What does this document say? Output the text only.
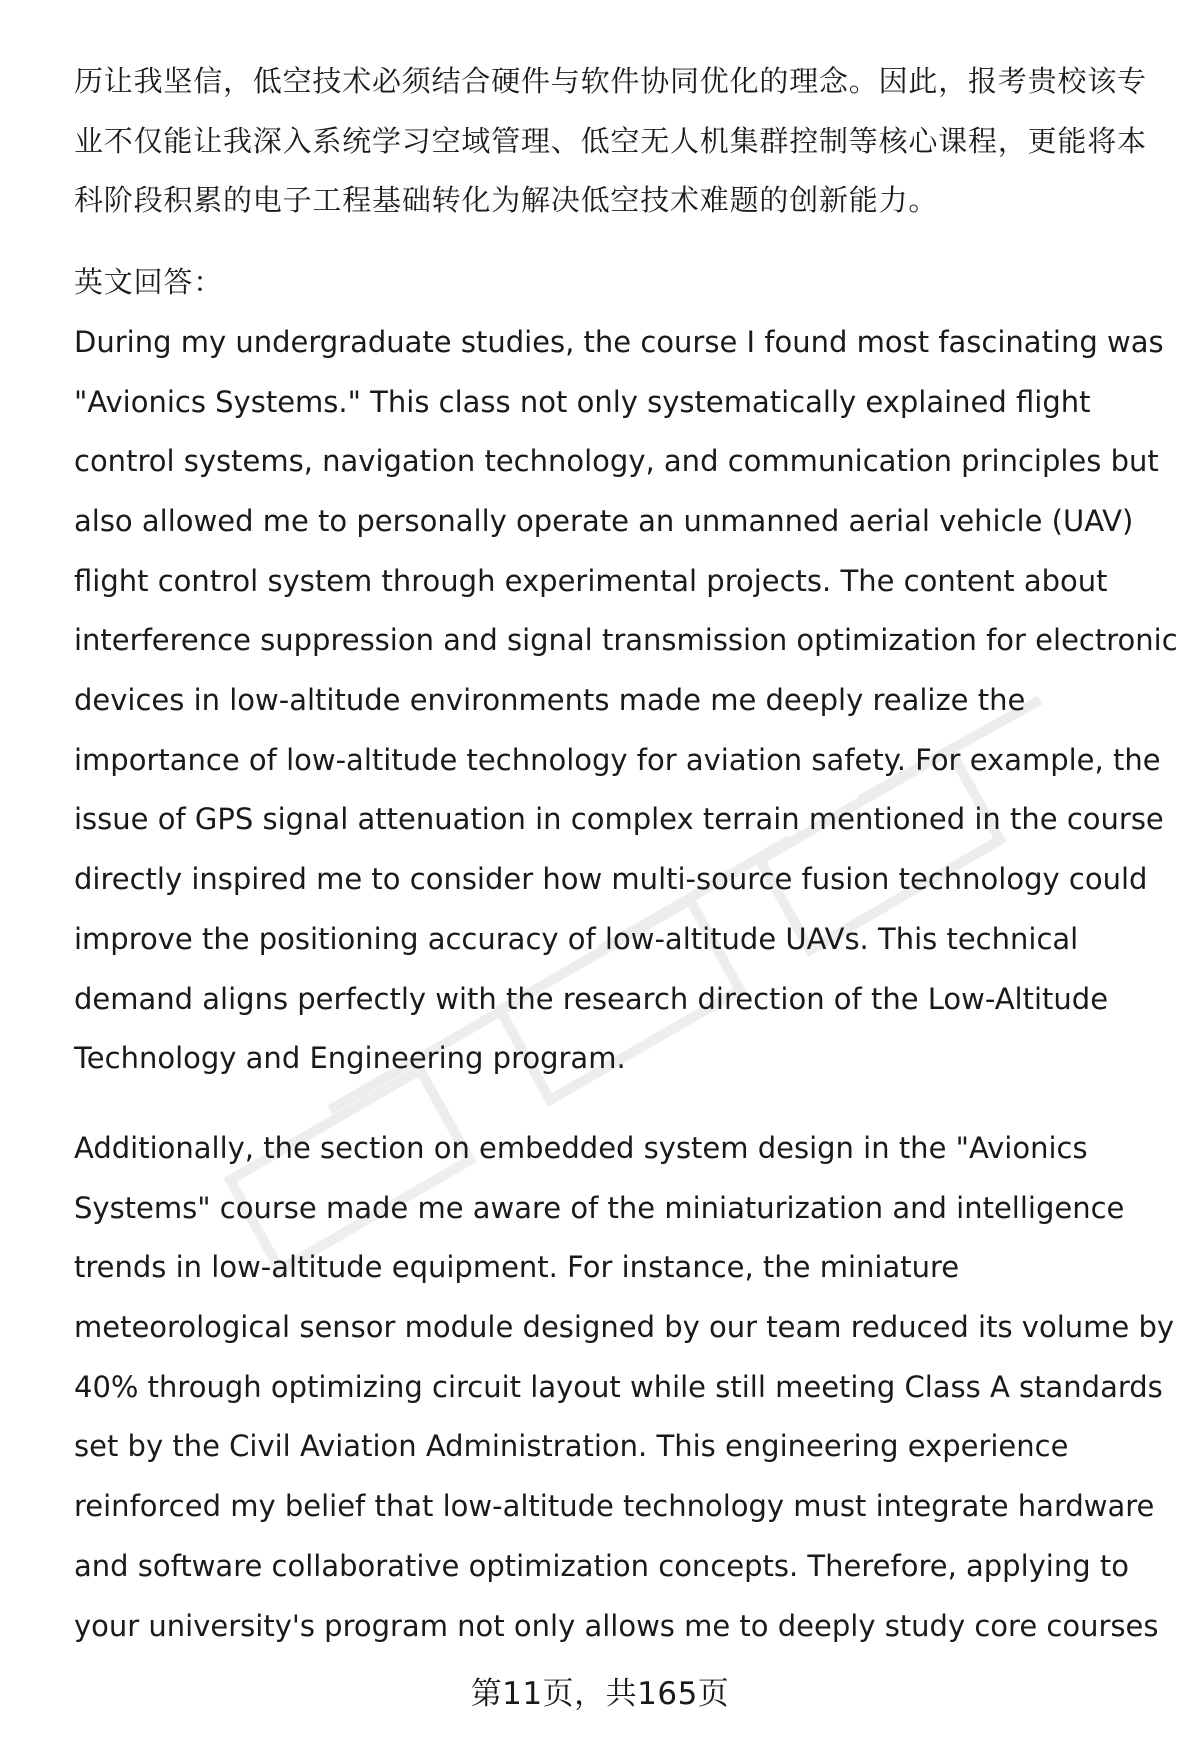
历让我坚信，低空技术必须结合硬件与软件协同优化的理念。因此，报考贵校该专
业不仅能让我深入系统学习空域管理、低空无人机集群控制等核心课程，更能将本
科阶段积累的电子工程基础转化为解决低空技术难题的创新能力。
英文回答：
During my undergraduate studies, the course I found most fascinating was
"Avionics Systems." This class not only systematically explained flight
control systems, navigation technology, and communication principles but
also allowed me to personally operate an unmanned aerial vehicle (UAV)
flight control system through experimental projects. The content about
interference suppression and signal transmission optimization for electronic
devices in low-altitude environments made me deeply realize the
importance of low-altitude technology for aviation safety. For example, the
issue of GPS signal attenuation in complex terrain mentioned in the course
directly inspired me to consider how multi-source fusion technology could
improve the positioning accuracy of low-altitude UAVs. This technical
demand aligns perfectly with the research direction of the Low-Altitude
Technology and Engineering program.
Additionally, the section on embedded system design in the "Avionics
Systems" course made me aware of the miniaturization and intelligence
trends in low-altitude equipment. For instance, the miniature
meteorological sensor module designed by our team reduced its volume by
40% through optimizing circuit layout while still meeting Class A standards
set by the Civil Aviation Administration. This engineering experience
reinforced my belief that low-altitude technology must integrate hardware
and software collaborative optimization concepts. Therefore, applying to
your university's program not only allows me to deeply study core courses
第11页，共165页
